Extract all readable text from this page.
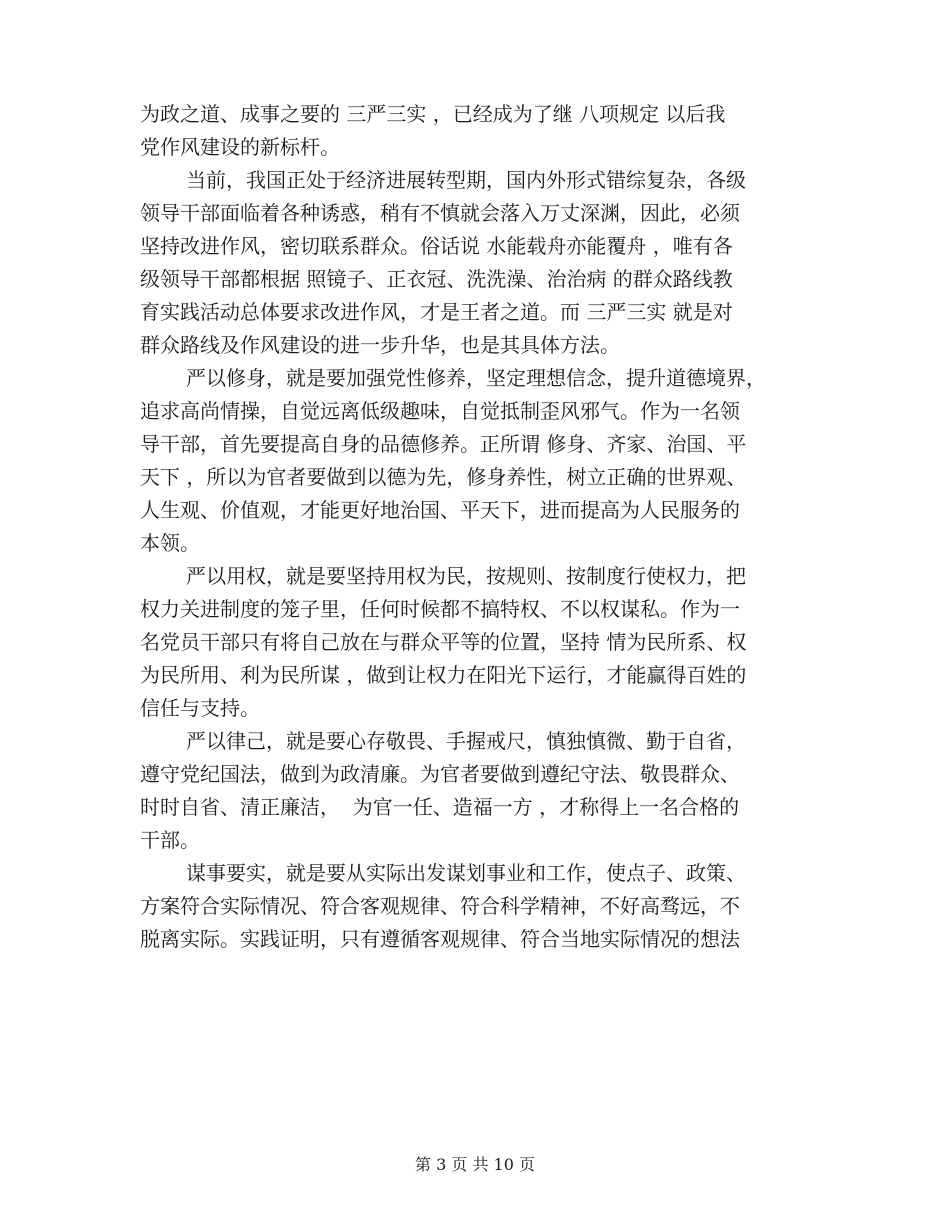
为政之道、成事之要的 三严三实 ，已经成为了继 八项规定 以后我
党作风建设的新标杆。
当前，我国正处于经济进展转型期，国内外形式错综复杂，各级
领导干部面临着各种诱惑，稍有不慎就会落入万丈深渊，因此，必须
坚持改进作风，密切联系群众。俗话说 水能载舟亦能覆舟 ，唯有各
级领导干部都根据 照镜子、正衣冠、洗洗澡、治治病 的群众路线教
育实践活动总体要求改进作风，才是王者之道。而 三严三实 就是对
群众路线及作风建设的进一步升华，也是其具体方法。
严以修身，就是要加强党性修养，坚定理想信念，提升道德境界，
追求高尚情操，自觉远离低级趣味，自觉抵制歪风邪气。作为一名领
导干部，首先要提高自身的品德修养。正所谓 修身、齐家、治国、平
天下 ，所以为官者要做到以德为先，修身养性，树立正确的世界观、
人生观、价值观，才能更好地治国、平天下，进而提高为人民服务的
本领。
严以用权，就是要坚持用权为民，按规则、按制度行使权力，把
权力关进制度的笼子里，任何时候都不搞特权、不以权谋私。作为一
名党员干部只有将自己放在与群众平等的位置，坚持 情为民所系、权
为民所用、利为民所谋 ，做到让权力在阳光下运行，才能赢得百姓的
信任与支持。
严以律己，就是要心存敬畏、手握戒尺，慎独慎微、勤于自省，
遵守党纪国法，做到为政清廉。为官者要做到遵纪守法、敬畏群众、
时时自省、清正廉洁，  为官一任、造福一方 ，才称得上一名合格的
干部。
谋事要实，就是要从实际出发谋划事业和工作，使点子、政策、
方案符合实际情况、符合客观规律、符合科学精神，不好高骛远，不
脱离实际。实践证明，只有遵循客观规律、符合当地实际情况的想法
第 3 页 共 10 页
